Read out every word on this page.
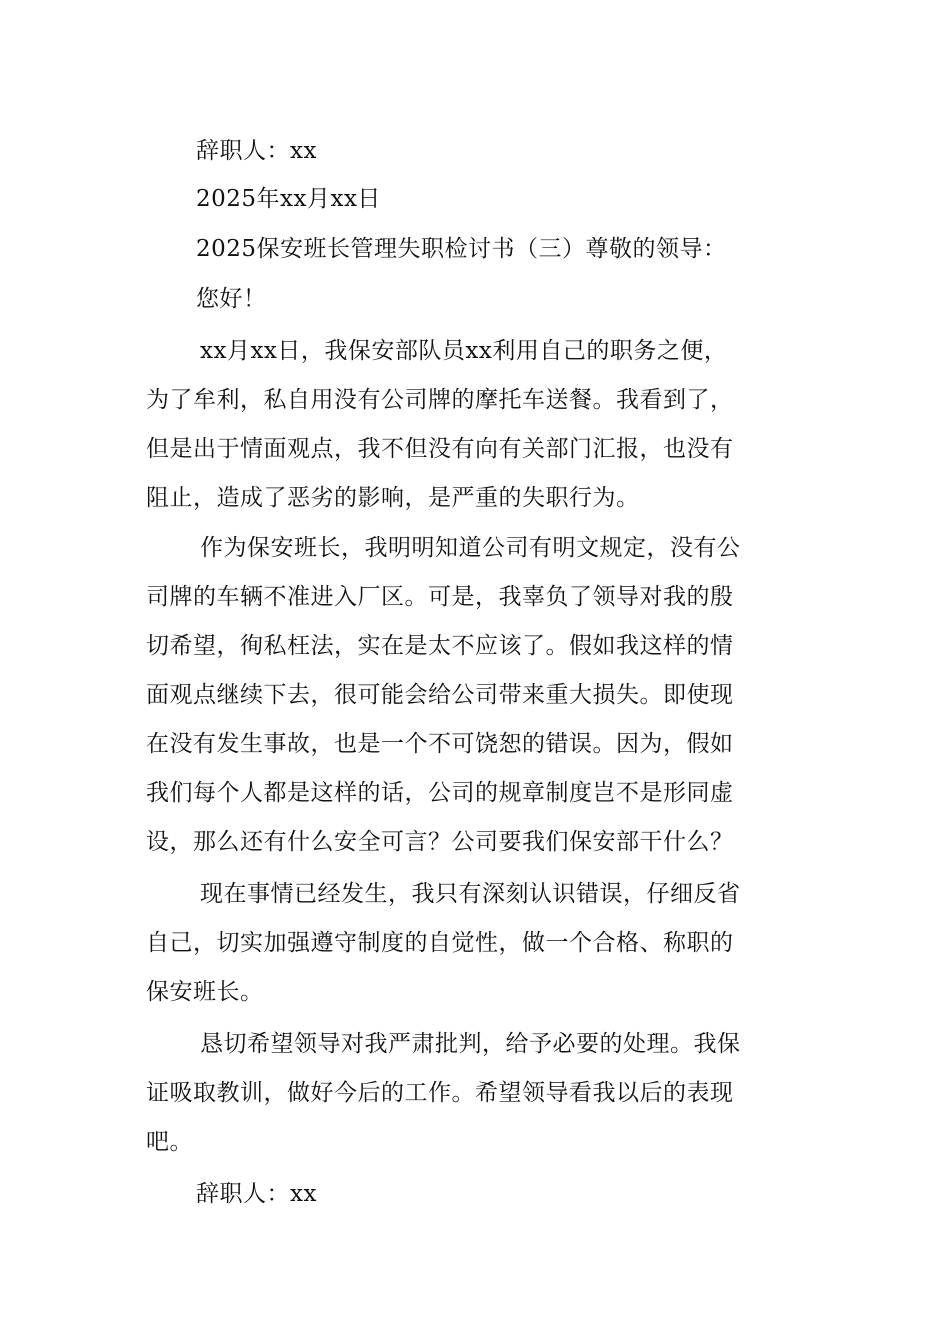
辞职人：xx
2025年xx月xx日
2025保安班长管理失职检讨书（三）尊敬的领导：
您好！
xx月xx日，我保安部队员xx利用自己的职务之便，
为了牟利，私自用没有公司牌的摩托车送餐。我看到了，
但是出于情面观点，我不但没有向有关部门汇报，也没有
阻止，造成了恶劣的影响，是严重的失职行为。
作为保安班长，我明明知道公司有明文规定，没有公
司牌的车辆不准进入厂区。可是，我辜负了领导对我的殷
切希望，徇私枉法，实在是太不应该了。假如我这样的情
面观点继续下去，很可能会给公司带来重大损失。即使现
在没有发生事故，也是一个不可饶恕的错误。因为，假如
我们每个人都是这样的话，公司的规章制度岂不是形同虚
设，那么还有什么安全可言？公司要我们保安部干什么？
现在事情已经发生，我只有深刻认识错误，仔细反省
自己，切实加强遵守制度的自觉性，做一个合格、称职的
保安班长。
恳切希望领导对我严肃批判，给予必要的处理。我保
证吸取教训，做好今后的工作。希望领导看我以后的表现
吧。
辞职人：xx
